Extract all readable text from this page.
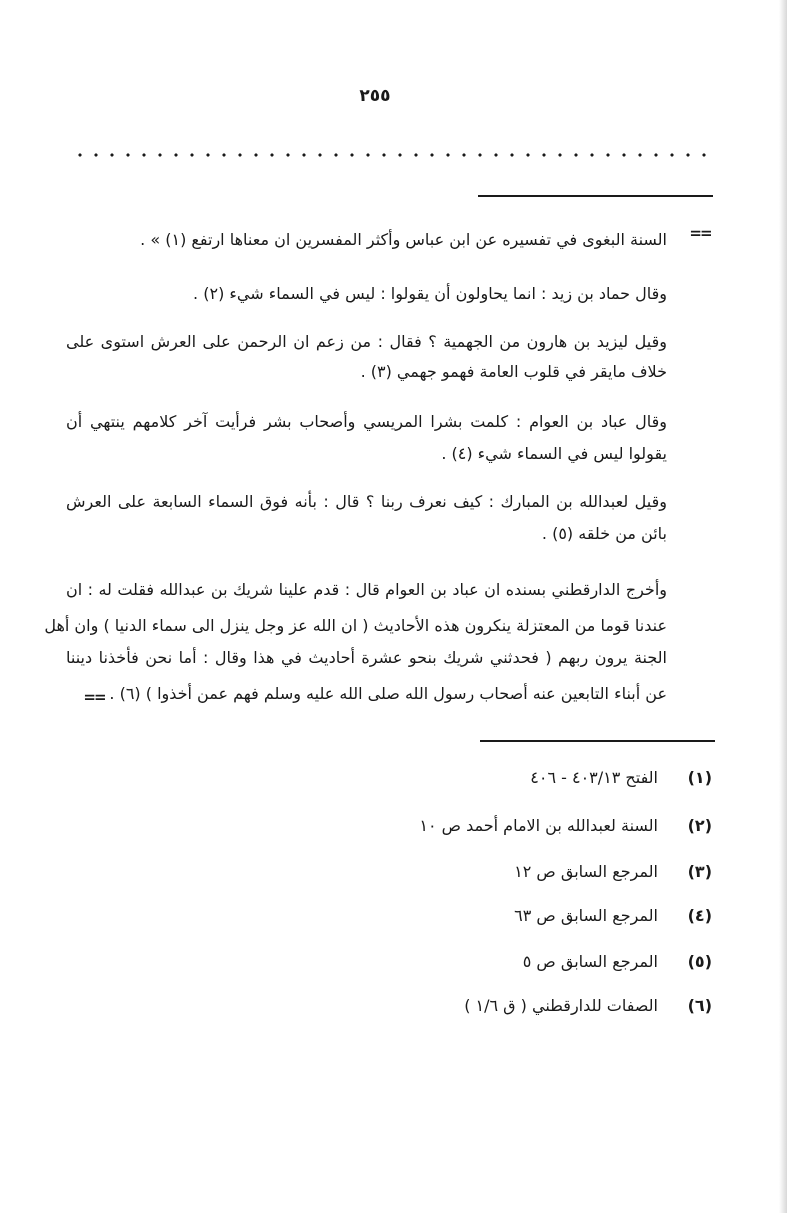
٢٥٥
==
السنة البغوى في تفسيره عن ابن عباس وأكثر المفسرين ان معناها ارتفع (١) » .
وقال حماد بن زيد : انما يحاولون أن يقولوا : ليس في السماء شيء (٢) .
وقيل ليزيد بن هارون من الجهمية ؟ فقال : من زعم ان الرحمن على العرش استوى على
خلاف مايقر في قلوب العامة فهمو جهمي (٣) .
وقال عباد بن العوام : كلمت بشرا المريسي وأصحاب بشر فرأيت آخر كلامهم ينتهي أن
يقولوا ليس في السماء شيء (٤) .
وقيل لعبدالله بن المبارك : كيف نعرف ربنا ؟ قال : بأنه فوق السماء السابعة على العرش
بائن من خلقه (٥) .
وأخرج الدارقطني بسنده ان عباد بن العوام قال : قدم علينا شريك بن عبدالله فقلت له : ان
عندنا قوما من المعتزلة ينكرون هذه الأحاديث ( ان الله عز وجل ينزل الى سماء الدنيا ) وان أهل
الجنة يرون ربهم ( فحدثني شريك بنحو عشرة أحاديث في هذا وقال : أما نحن فأخذنا ديننا
عن أبناء التابعين عنه أصحاب رسول الله صلى الله عليه وسلم فهم عمن أخذوا ) (٦) .
==
(١)الفتح ٤٠٣/١٣ - ٤٠٦
(٢)السنة لعبدالله بن الامام أحمد ص ١٠
(٣)المرجع السابق ص ١٢
(٤)المرجع السابق ص ٦٣
(٥)المرجع السابق ص ٥
(٦)الصفات للدارقطني ( ق ١/٦ )
